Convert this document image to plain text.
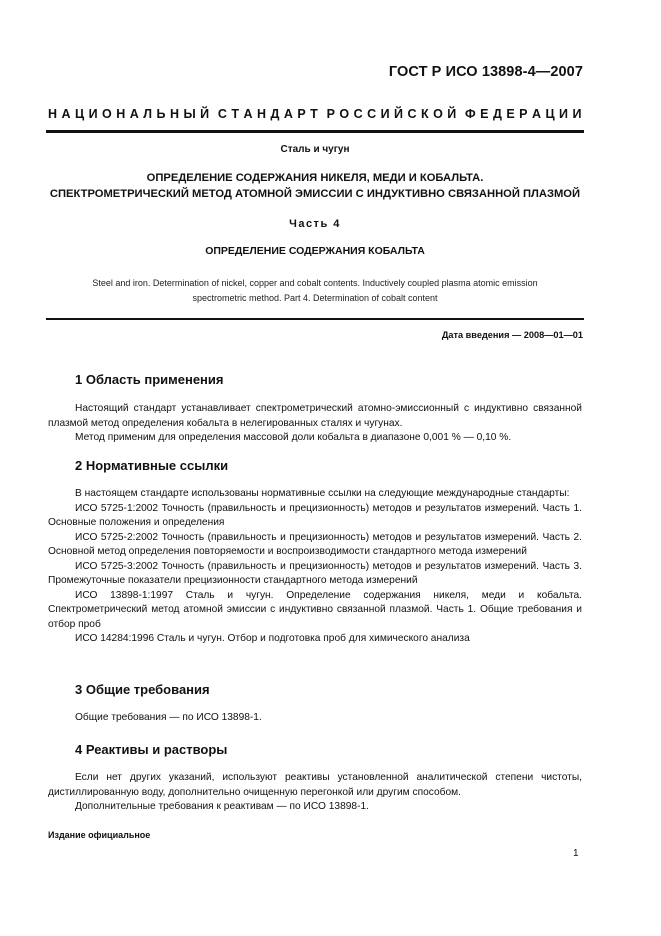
ГОСТ Р ИСО 13898-4—2007
Н А Ц И О Н А Л Ь Н Ы Й С Т А Н Д А Р Т Р О С С И Й С К О Й Ф Е Д Е Р А Ц И И
Сталь и чугун
ОПРЕДЕЛЕНИЕ СОДЕРЖАНИЯ НИКЕЛЯ, МЕДИ И КОБАЛЬТА.
СПЕКТРОМЕТРИЧЕСКИЙ МЕТОД АТОМНОЙ ЭМИССИИ С ИНДУКТИВНО СВЯЗАННОЙ ПЛАЗМОЙ
Часть 4
ОПРЕДЕЛЕНИЕ СОДЕРЖАНИЯ КОБАЛЬТА
Steel and iron. Determination of nickel, copper and cobalt contents. Inductively coupled plasma atomic emission
spectrometric method. Part 4. Determination of cobalt content
Дата введения — 2008—01—01
1 Область применения

Настоящий стандарт устанавливает спектрометрический атомно-эмиссионный с индуктивно связанной плазмой метод определения кобальта в нелегированных сталях и чугунах.

Метод применим для определения массовой доли кобальта в диапазоне 0,001 % — 0,10 %.

2 Нормативные ссылки

В настоящем стандарте использованы нормативные ссылки на следующие международные стандарты:

ИСО 5725-1:2002 Точность (правильность и прецизионность) методов и результатов измерений. Часть 1. Основные положения и определения

ИСО 5725-2:2002 Точность (правильность и прецизионность) методов и результатов измерений. Часть 2. Основной метод определения повторяемости и воспроизводимости стандартного метода измерений

ИСО 5725-3:2002 Точность (правильность и прецизионность) методов и результатов измерений. Часть 3. Промежуточные показатели прецизионности стандартного метода измерений

ИСО 13898-1:1997 Сталь и чугун. Определение содержания никеля, меди и кобальта. Спектрометрический метод атомной эмиссии с индуктивно связанной плазмой. Часть 1. Общие требования и отбор проб

ИСО 14284:1996 Сталь и чугун. Отбор и подготовка проб для химического анализа

3 Общие требования

Общие требования — по ИСО 13898-1.

4 Реактивы и растворы

Если нет других указаний, используют реактивы установленной аналитической степени чистоты, дистиллированную воду, дополнительно очищенную перегонкой или другим способом.

Дополнительные требования к реактивам — по ИСО 13898-1.

Издание официальное
1
